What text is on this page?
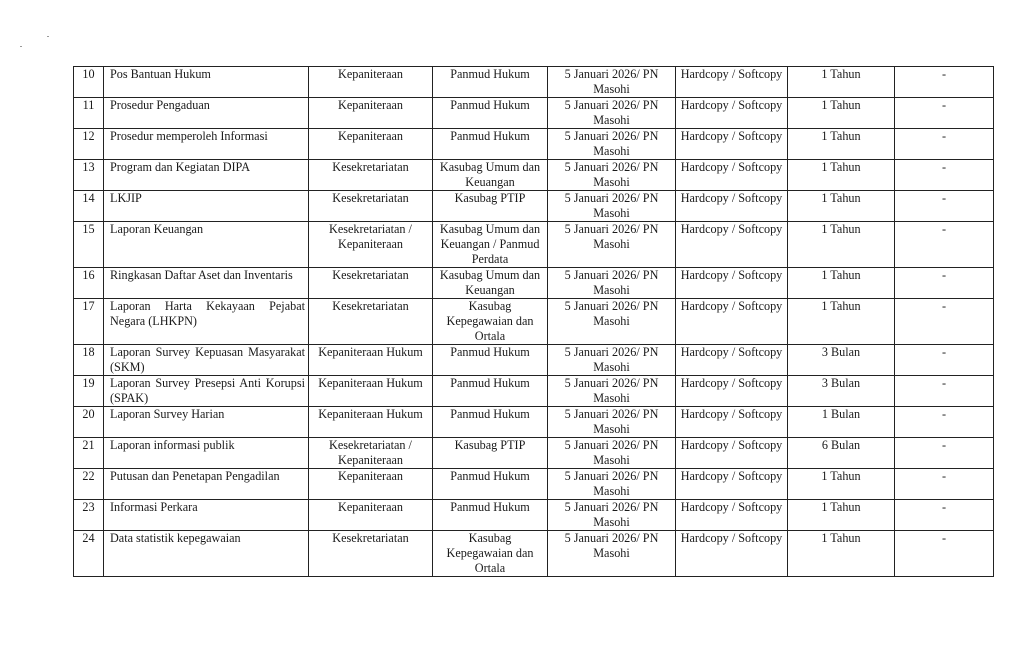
10	Pos Bantuan Hukum	Kepaniteraan	Panmud Hukum	5 Januari 2026/ PN Masohi	Hardcopy / Softcopy	1 Tahun	-
11	Prosedur Pengaduan	Kepaniteraan	Panmud Hukum	5 Januari 2026/ PN Masohi	Hardcopy / Softcopy	1 Tahun	-
12	Prosedur memperoleh Informasi	Kepaniteraan	Panmud Hukum	5 Januari 2026/ PN Masohi	Hardcopy / Softcopy	1 Tahun	-
13	Program dan Kegiatan DIPA	Kesekretariatan	Kasubag Umum dan Keuangan	5 Januari 2026/ PN Masohi	Hardcopy / Softcopy	1 Tahun	-
14	LKJIP	Kesekretariatan	Kasubag PTIP	5 Januari 2026/ PN Masohi	Hardcopy / Softcopy	1 Tahun	-
15	Laporan Keuangan	Kesekretariatan / Kepaniteraan	Kasubag Umum dan Keuangan / Panmud Perdata	5 Januari 2026/ PN Masohi	Hardcopy / Softcopy	1 Tahun	-
16	Ringkasan Daftar Aset dan Inventaris	Kesekretariatan	Kasubag Umum dan Keuangan	5 Januari 2026/ PN Masohi	Hardcopy / Softcopy	1 Tahun	-
17	Laporan Harta Kekayaan Pejabat Negara (LHKPN)	Kesekretariatan	Kasubag Kepegawaian dan Ortala	5 Januari 2026/ PN Masohi	Hardcopy / Softcopy	1 Tahun	-
18	Laporan Survey Kepuasan Masyarakat (SKM)	Kepaniteraan Hukum	Panmud Hukum	5 Januari 2026/ PN Masohi	Hardcopy / Softcopy	3 Bulan	-
19	Laporan Survey Presepsi Anti Korupsi (SPAK)	Kepaniteraan Hukum	Panmud Hukum	5 Januari 2026/ PN Masohi	Hardcopy / Softcopy	3 Bulan	-
20	Laporan Survey Harian	Kepaniteraan Hukum	Panmud Hukum	5 Januari 2026/ PN Masohi	Hardcopy / Softcopy	1 Bulan	-
21	Laporan informasi publik	Kesekretariatan / Kepaniteraan	Kasubag PTIP	5 Januari 2026/ PN Masohi	Hardcopy / Softcopy	6 Bulan	-
22	Putusan dan Penetapan Pengadilan	Kepaniteraan	Panmud Hukum	5 Januari 2026/ PN Masohi	Hardcopy / Softcopy	1 Tahun	-
23	Informasi Perkara	Kepaniteraan	Panmud Hukum	5 Januari 2026/ PN Masohi	Hardcopy / Softcopy	1 Tahun	-
24	Data statistik kepegawaian	Kesekretariatan	Kasubag Kepegawaian dan Ortala	5 Januari 2026/ PN Masohi	Hardcopy / Softcopy	1 Tahun	-
